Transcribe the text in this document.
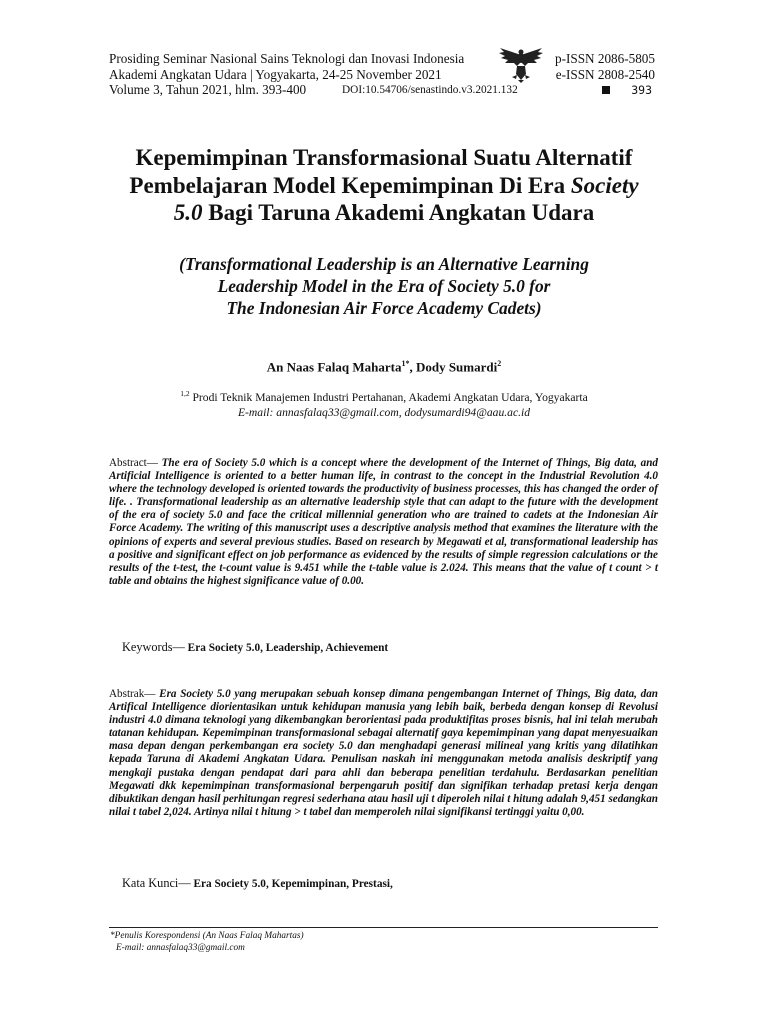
Prosiding Seminar Nasional Sains Teknologi dan Inovasi Indonesia	p-ISSN 2086-5805
Akademi Angkatan Udara | Yogyakarta, 24-25 November 2021	e-ISSN 2808-2540
Volume 3, Tahun 2021, hlm. 393-400	DOI:10.54706/senastindo.v3.2021.132	393
Kepemimpinan Transformasional Suatu Alternatif
Pembelajaran Model Kepemimpinan Di Era Society
5.0 Bagi Taruna Akademi Angkatan Udara
(Transformational Leadership is an Alternative Learning
Leadership Model in the Era of Society 5.0 for
The Indonesian Air Force Academy Cadets)
An Naas Falaq Maharta$^{1*}$, Dody Sumardi$^2$
$^{1,2}$ Prodi Teknik Manajemen Industri Pertahanan, Akademi Angkatan Udara, Yogyakarta
E-mail: annasfalaq33@gmail.com, dodysumardi94@aau.ac.id
Abstract— The era of Society 5.0 which is a concept where the development of the Internet of Things, Big data, and Artificial Intelligence is oriented to a better human life, in contrast to the concept in the Industrial Revolution 4.0 where the technology developed is oriented towards the productivity of business processes, this has changed the order of life. . Transformational leadership as an alternative leadership style that can adapt to the future with the development of the era of society 5.0 and face the critical millennial generation who are trained to cadets at the Indonesian Air Force Academy. The writing of this manuscript uses a descriptive analysis method that examines the literature with the opinions of experts and several previous studies. Based on research by Megawati et al, transformational leadership has a positive and significant effect on job performance as evidenced by the results of simple regression calculations or the results of the t-test, the t-count value is 9.451 while the t-table value is 2.024. This means that the value of t count > t table and obtains the highest significance value of 0.00.
Keywords— Era Society 5.0, Leadership, Achievement
Abstrak— Era Society 5.0 yang merupakan sebuah konsep dimana pengembangan Internet of Things, Big data, dan Artifical Intelligence diorientasikan untuk kehidupan manusia yang lebih baik, berbeda dengan konsep di Revolusi industri 4.0 dimana teknologi yang dikembangkan berorientasi pada produktifitas proses bisnis, hal ini telah merubah tatanan kehidupan. Kepemimpinan transformasional sebagai alternatif gaya kepemimpinan yang dapat menyesuaikan masa depan dengan perkembangan era society 5.0 dan menghadapi generasi milineal yang kritis yang dilatihkan kepada Taruna di Akademi Angkatan Udara. Penulisan naskah ini menggunakan metoda analisis deskriptif yang mengkaji pustaka dengan pendapat dari para ahli dan beberapa penelitian terdahulu. Berdasarkan penelitian Megawati dkk kepemimpinan transformasional berpengaruh positif dan signifikan terhadap pretasi kerja dengan dibuktikan dengan hasil perhitungan regresi sederhana atau hasil uji t diperoleh nilai t hitung adalah 9,451 sedangkan nilai t tabel 2,024. Artinya nilai t hitung > t tabel dan memperoleh nilai signifikansi tertinggi yaitu 0,00.
Kata Kunci— Era Society 5.0, Kepemimpinan, Prestasi,
*Penulis Korespondensi (An Naas Falaq Mahartas)
E-mail: annasfalaq33@gmail.com
